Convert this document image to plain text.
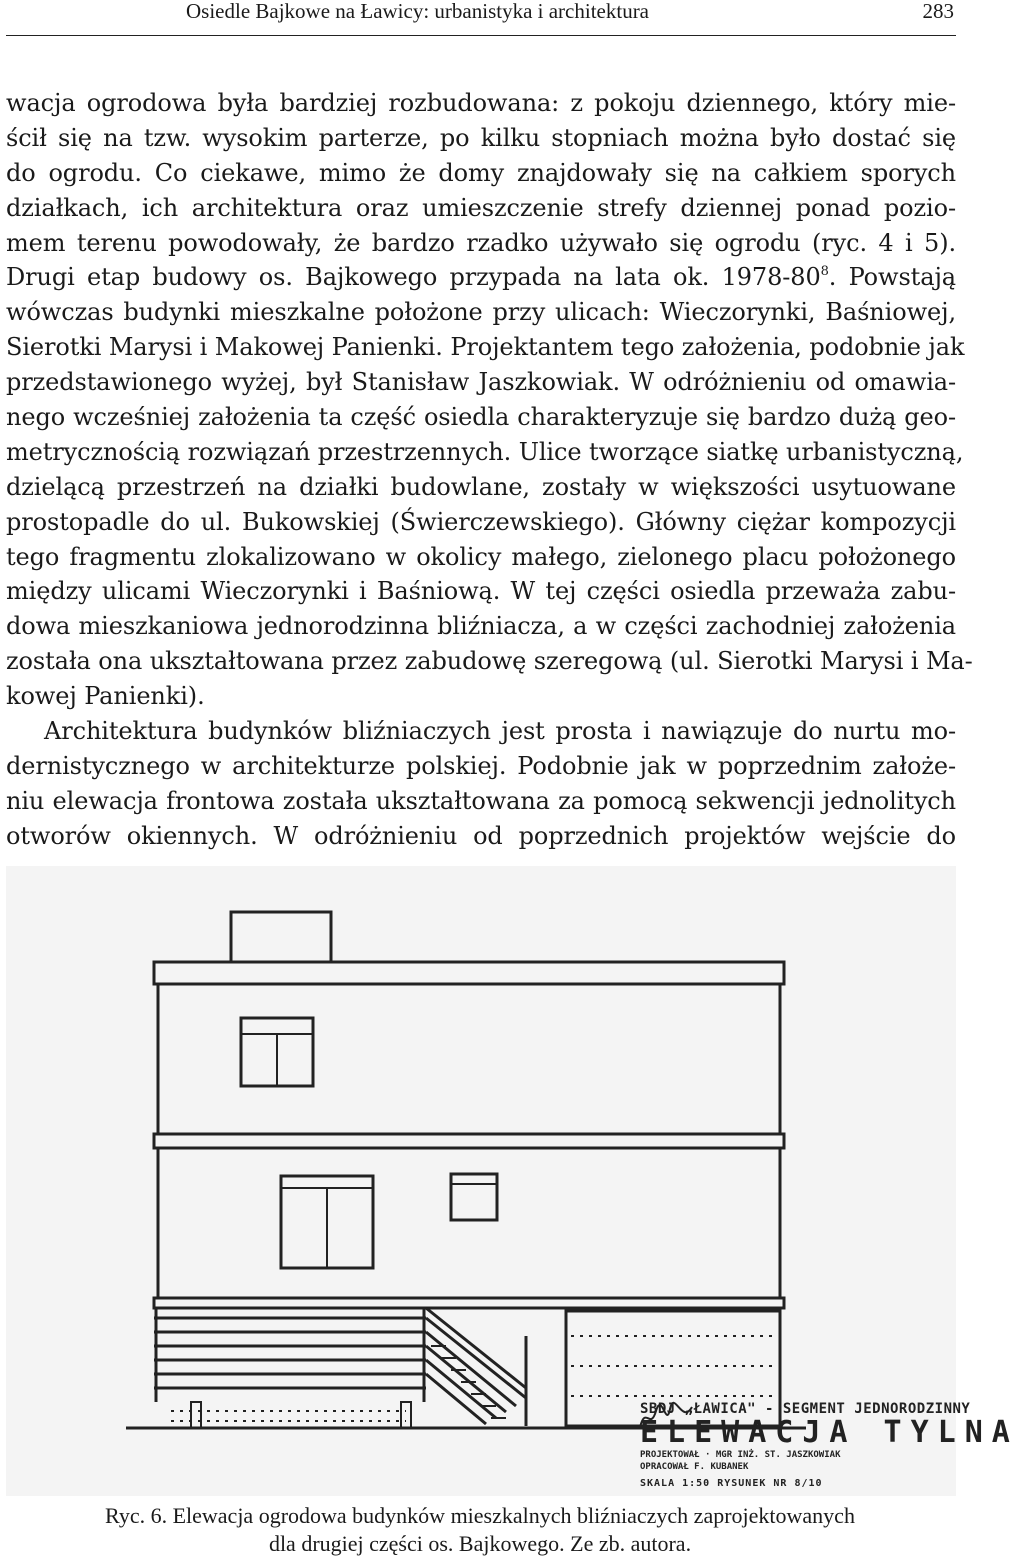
Osiedle Bajkowe na Ławicy: urbanistyka i architektura	283
wacja ogrodowa była bardziej rozbudowana: z pokoju dziennego, który mie-
ścił się na tzw. wysokim parterze, po kilku stopniach można było dostać się
do ogrodu. Co ciekawe, mimo że domy znajdowały się na całkiem sporych
działkach, ich architektura oraz umieszczenie strefy dziennej ponad pozio-
mem terenu powodowały, że bardzo rzadko używało się ogrodu (ryc. 4 i 5).
Drugi etap budowy os. Bajkowego przypada na lata ok. $1978-80^8$. Powstają
wówczas budynki mieszkalne położone przy ulicach: Wieczorynki, Baśniowej,
Sierotki Marysi i Makowej Panienki. Projektantem tego założenia, podobnie jak
przedstawionego wyżej, był Stanisław Jaszkowiak. W odróżnieniu od omawia-
nego wcześniej założenia ta część osiedla charakteryzuje się bardzo dużą geo-
metrycznością rozwiązań przestrzennych. Ulice tworzące siatkę urbanistyczną,
dzielącą przestrzeń na działki budowlane, zostały w większości usytuowane
prostopadle do ul. Bukowskiej (Świerczewskiego). Główny ciężar kompozycji
tego fragmentu zlokalizowano w okolicy małego, zielonego placu położonego
między ulicami Wieczorynki i Baśniową. W tej części osiedla przeważa zabu-
dowa mieszkaniowa jednorodzinna bliźniacza, a w części zachodniej założenia
została ona ukształtowana przez zabudowę szeregową (ul. Sierotki Marysi i Ma-
kowej Panienki).
Architektura budynków bliźniaczych jest prosta i nawiązuje do nurtu mo-
dernistycznego w architekturze polskiej. Podobnie jak w poprzednim założe-
niu elewacja frontowa została ukształtowana za pomocą sekwencji jednolitych
otworów okiennych. W odróżnieniu od poprzednich projektów wejście do
SBDJ „ŁAWICA" - SEGMENT JEDNORODZINNY
ELEWACJA TYLNA
PROJEKTOWAŁ · MGR INŻ. ST. JASZKOWIAK
OPRACOWAŁ F. KUBANEK
SKALA 1:50 RYSUNEK NR 8/10
Ryc. 6. Elewacja ogrodowa budynków mieszkalnych bliźniaczych zaprojektowanych
dla drugiej części os. Bajkowego. Ze zb. autora.
